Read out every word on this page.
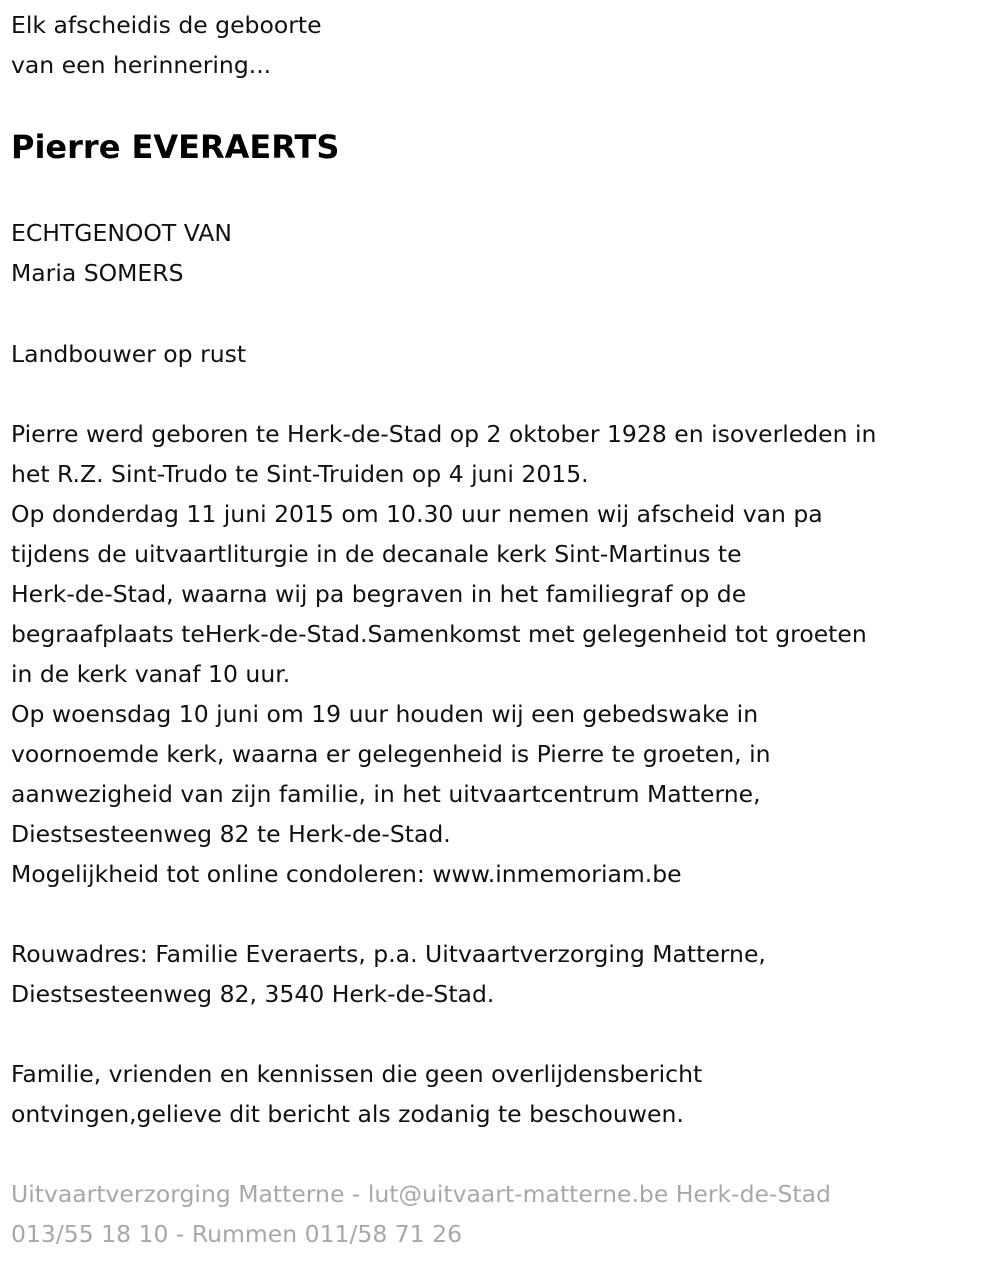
Elk afscheidis de geboorte
van een herinnering...
Pierre EVERAERTS
ECHTGENOOT VAN
Maria SOMERS
Landbouwer op rust
Pierre werd geboren te Herk-de-Stad op 2 oktober 1928 en isoverleden in
het R.Z. Sint-Trudo te Sint-Truiden op 4 juni 2015.
Op donderdag 11 juni 2015 om 10.30 uur nemen wij afscheid van pa
tijdens de uitvaartliturgie in de decanale kerk Sint-Martinus te
Herk-de-Stad, waarna wij pa begraven in het familiegraf op de
begraafplaats teHerk-de-Stad.Samenkomst met gelegenheid tot groeten
in de kerk vanaf 10 uur.
Op woensdag 10 juni om 19 uur houden wij een gebedswake in
voornoemde kerk, waarna er gelegenheid is Pierre te groeten, in
aanwezigheid van zijn familie, in het uitvaartcentrum Matterne,
Diestsesteenweg 82 te Herk-de-Stad.
Mogelijkheid tot online condoleren: www.inmemoriam.be
Rouwadres: Familie Everaerts, p.a. Uitvaartverzorging Matterne,
Diestsesteenweg 82, 3540 Herk-de-Stad.
Familie, vrienden en kennissen die geen overlijdensbericht
ontvingen,gelieve dit bericht als zodanig te beschouwen.
Uitvaartverzorging Matterne - lut@uitvaart-matterne.be Herk-de-Stad
013/55 18 10 - Rummen 011/58 71 26
